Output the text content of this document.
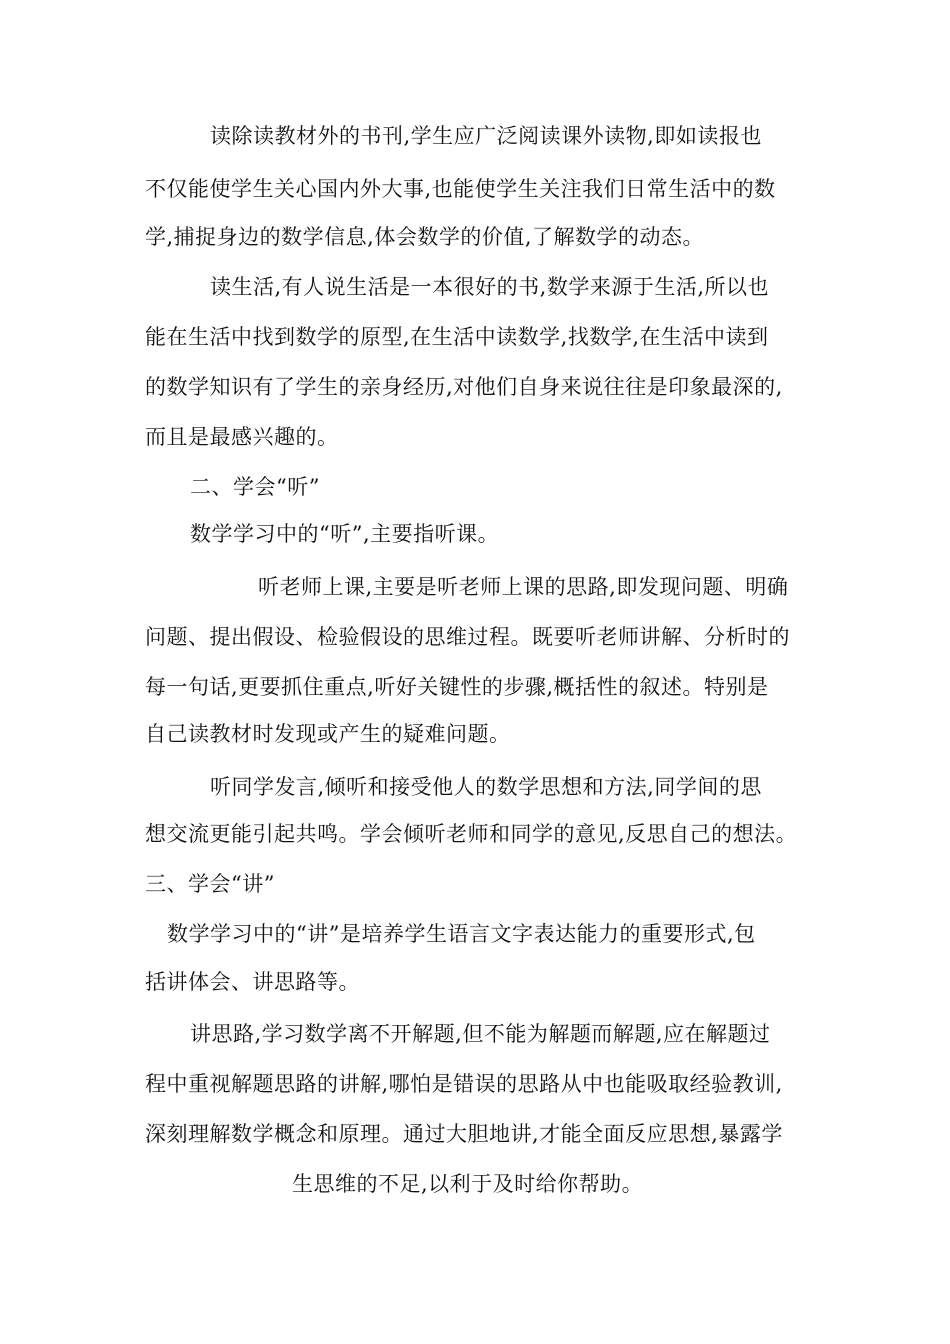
读除读教材外的书刊,学生应广泛阅读课外读物,即如读报也
不仅能使学生关心国内外大事,也能使学生关注我们日常生活中的数
学,捕捉身边的数学信息,体会数学的价值,了解数学的动态。
读生活,有人说生活是一本很好的书,数学来源于生活,所以也
能在生活中找到数学的原型,在生活中读数学,找数学,在生活中读到
的数学知识有了学生的亲身经历,对他们自身来说往往是印象最深的,
而且是最感兴趣的。
二、学会“听”
数学学习中的“听”,主要指听课。
听老师上课,主要是听老师上课的思路,即发现问题、明确
问题、提出假设、检验假设的思维过程。既要听老师讲解、分析时的
每一句话,更要抓住重点,听好关键性的步骤,概括性的叙述。特别是
自己读教材时发现或产生的疑难问题。
听同学发言,倾听和接受他人的数学思想和方法,同学间的思
想交流更能引起共鸣。学会倾听老师和同学的意见,反思自己的想法。
三、学会“讲”
数学学习中的“讲”是培养学生语言文字表达能力的重要形式,包
括讲体会、讲思路等。
讲思路,学习数学离不开解题,但不能为解题而解题,应在解题过
程中重视解题思路的讲解,哪怕是错误的思路从中也能吸取经验教训,
深刻理解数学概念和原理。通过大胆地讲,才能全面反应思想,暴露学
生思维的不足,以利于及时给你帮助。
